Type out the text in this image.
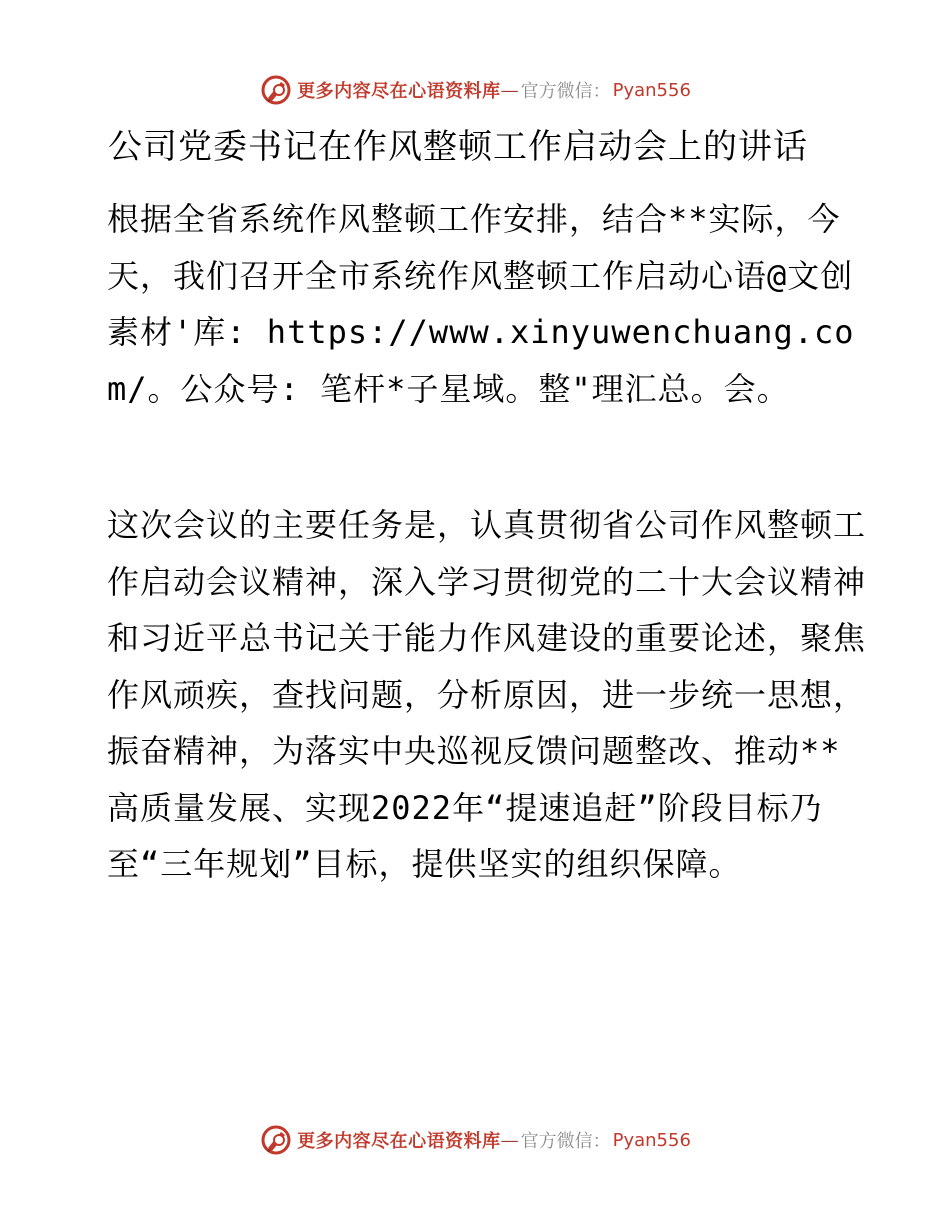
更多内容尽在心语资料库 — 官方微信： Pyan556
公司党委书记在作风整顿工作启动会上的讲话
根据全省系统作风整顿工作安排，结合**实际，今天，我们召开全市系统作风整顿工作启动心语@文创素材'库: https://www.xinyuwenchuang.com/。公众号: 笔杆*子星域。整"理汇总。会。
这次会议的主要任务是，认真贯彻省公司作风整顿工作启动会议精神，深入学习贯彻党的二十大会议精神和习近平总书记关于能力作风建设的重要论述，聚焦作风顽疾，查找问题，分析原因，进一步统一思想，振奋精神，为落实中央巡视反馈问题整改、推动**高质量发展、实现2022年“提速追赶”阶段目标乃至“三年规划”目标，提供坚实的组织保障。
更多内容尽在心语资料库 — 官方微信： Pyan556
